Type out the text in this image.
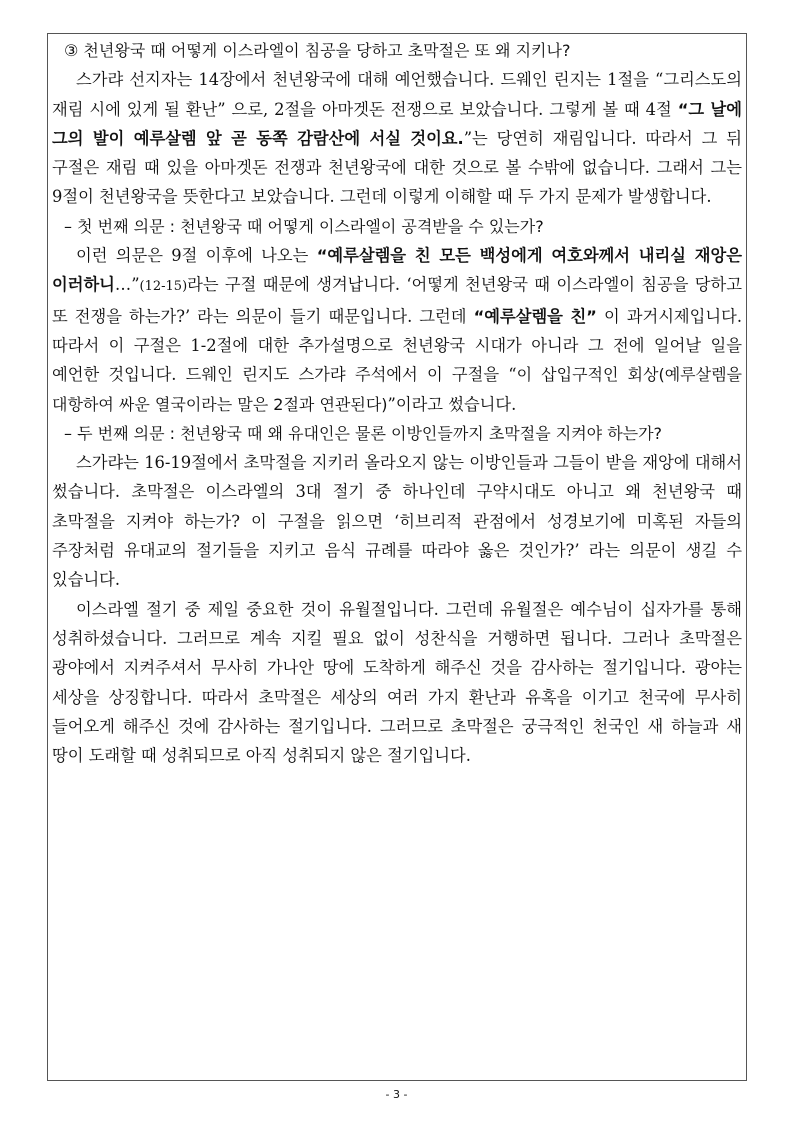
③ 천년왕국 때 어떻게 이스라엘이 침공을 당하고 초막절은 또 왜 지키나?

스가랴 선지자는 14장에서 천년왕국에 대해 예언했습니다. 드웨인 린지는 1절을 “그리스도의 재림 시에 있게 될 환난” 으로, 2절을 아마겟돈 전쟁으로 보았습니다. 그렇게 볼 때 4절 “그 날에 그의 발이 예루살렘 앞 곧 동쪽 감람산에 서실 것이요.”는 당연히 재림입니다. 따라서 그 뒤 구절은 재림 때 있을 아마겟돈 전쟁과 천년왕국에 대한 것으로 볼 수밖에 없습니다. 그래서 그는 9절이 천년왕국을 뜻한다고 보았습니다. 그런데 이렇게 이해할 때 두 가지 문제가 발생합니다.

– 첫 번째 의문 : 천년왕국 때 어떻게 이스라엘이 공격받을 수 있는가?

이런 의문은 9절 이후에 나오는 “예루살렘을 친 모든 백성에게 여호와께서 내리실 재앙은 이러하니…”(12-15)라는 구절 때문에 생겨납니다. ‘어떻게 천년왕국 때 이스라엘이 침공을 당하고 또 전쟁을 하는가?’ 라는 의문이 들기 때문입니다. 그런데 “예루살렘을 친” 이 과거시제입니다. 따라서 이 구절은 1-2절에 대한 추가설명으로 천년왕국 시대가 아니라 그 전에 일어날 일을 예언한 것입니다. 드웨인 린지도 스가랴 주석에서 이 구절을 “이 삽입구적인 회상(예루살렘을 대항하여 싸운 열국이라는 말은 2절과 연관된다)”이라고 썼습니다.

– 두 번째 의문 : 천년왕국 때 왜 유대인은 물론 이방인들까지 초막절을 지켜야 하는가?

스가랴는 16-19절에서 초막절을 지키러 올라오지 않는 이방인들과 그들이 받을 재앙에 대해서 썼습니다. 초막절은 이스라엘의 3대 절기 중 하나인데 구약시대도 아니고 왜 천년왕국 때 초막절을 지켜야 하는가? 이 구절을 읽으면 ‘히브리적 관점에서 성경보기에 미혹된 자들의 주장처럼 유대교의 절기들을 지키고 음식 규례를 따라야 옳은 것인가?’ 라는 의문이 생길 수 있습니다.

이스라엘 절기 중 제일 중요한 것이 유월절입니다. 그런데 유월절은 예수님이 십자가를 통해 성취하셨습니다. 그러므로 계속 지킬 필요 없이 성찬식을 거행하면 됩니다. 그러나 초막절은 광야에서 지켜주셔서 무사히 가나안 땅에 도착하게 해주신 것을 감사하는 절기입니다. 광야는 세상을 상징합니다. 따라서 초막절은 세상의 여러 가지 환난과 유혹을 이기고 천국에 무사히 들어오게 해주신 것에 감사하는 절기입니다. 그러므로 초막절은 궁극적인 천국인 새 하늘과 새 땅이 도래할 때 성취되므로 아직 성취되지 않은 절기입니다.

- 3 -
